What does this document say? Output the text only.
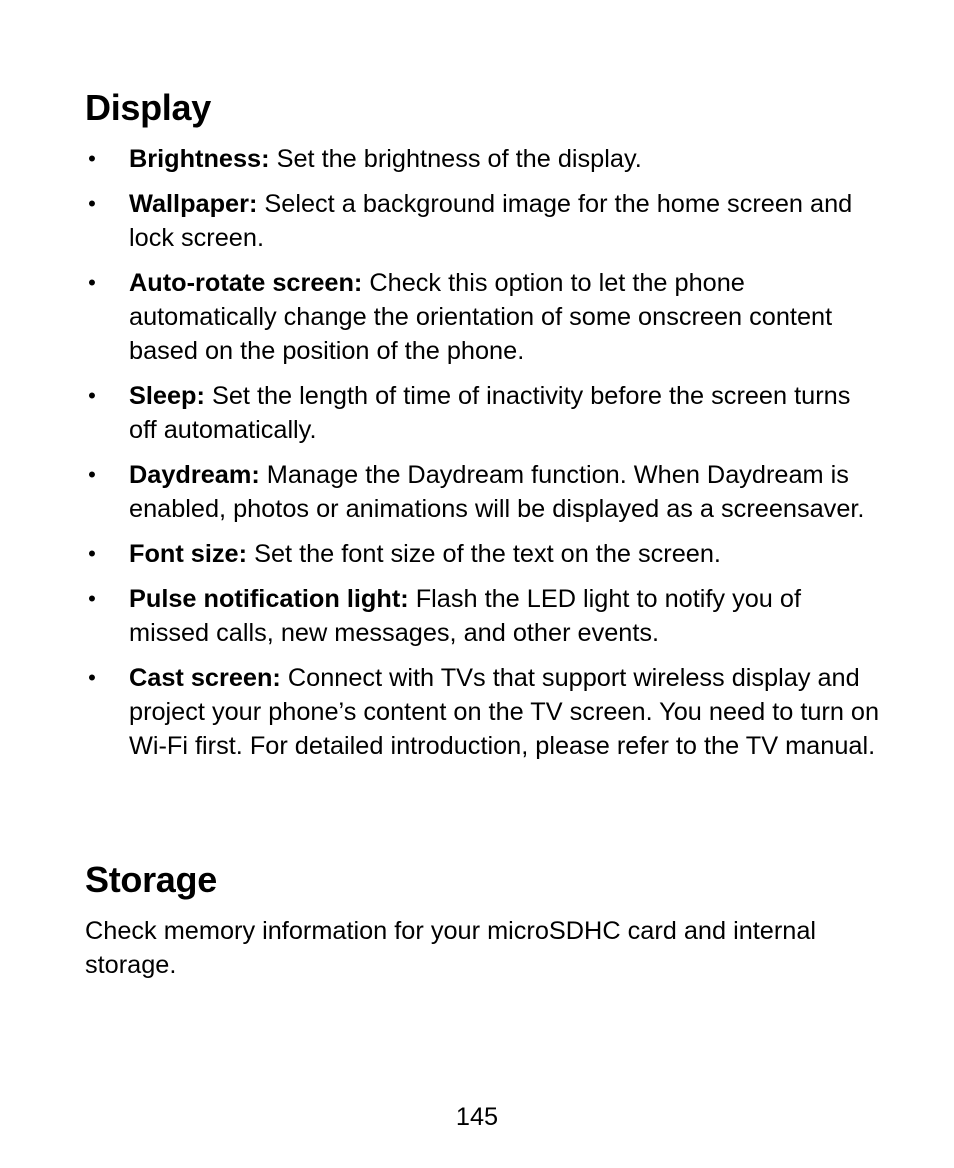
Display
• Brightness: Set the brightness of the display.
• Wallpaper: Select a background image for the home screen and lock screen.
• Auto-rotate screen: Check this option to let the phone automatically change the orientation of some onscreen content based on the position of the phone.
• Sleep: Set the length of time of inactivity before the screen turns off automatically.
• Daydream: Manage the Daydream function. When Daydream is enabled, photos or animations will be displayed as a screensaver.
• Font size: Set the font size of the text on the screen.
• Pulse notification light: Flash the LED light to notify you of missed calls, new messages, and other events.
• Cast screen: Connect with TVs that support wireless display and project your phone’s content on the TV screen. You need to turn on Wi-Fi first. For detailed introduction, please refer to the TV manual.
Storage

Check memory information for your microSDHC card and internal storage.

145
